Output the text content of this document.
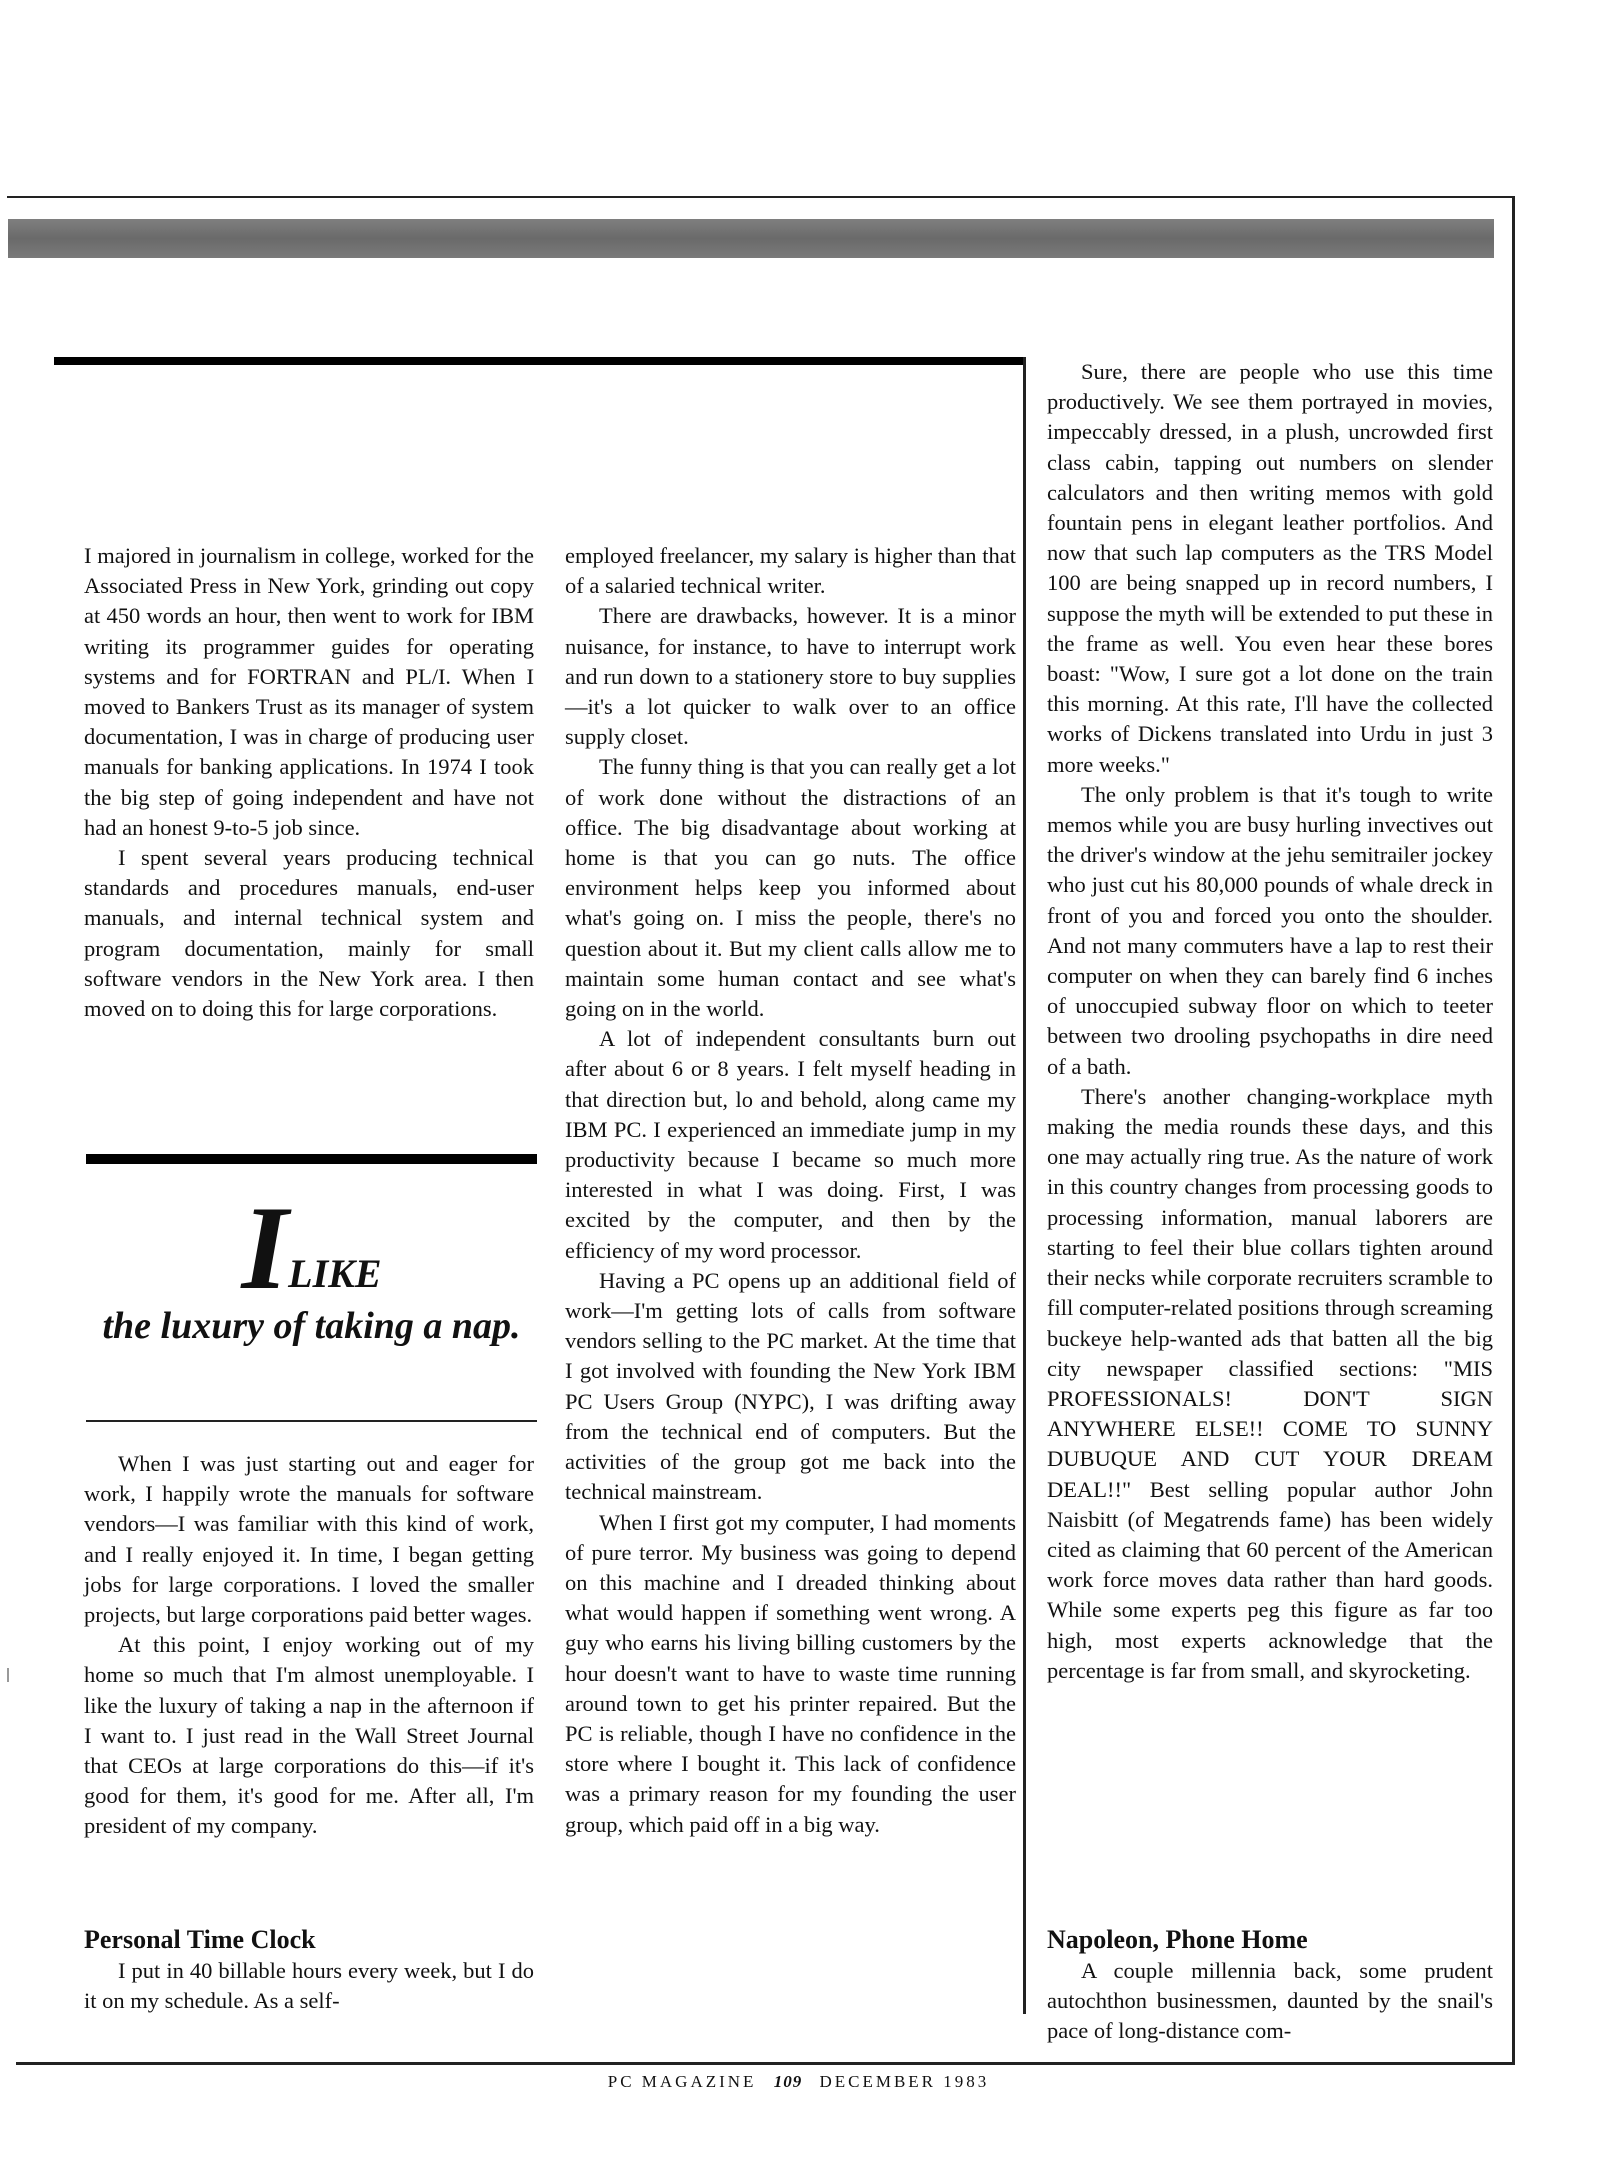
I majored in journalism in college, worked for the Associated Press in New York, grinding out copy at 450 words an hour, then went to work for IBM writing its programmer guides for operating systems and for FORTRAN and PL/I. When I moved to Bankers Trust as its manager of system documentation, I was in charge of producing user manuals for banking applications. In 1974 I took the big step of going independent and have not had an honest 9-to-5 job since.

I spent several years producing technical standards and procedures manuals, end-user manuals, and internal technical system and program documentation, mainly for small software vendors in the New York area. I then moved on to doing this for large corporations.

I LIKE
the luxury of taking a nap.

When I was just starting out and eager for work, I happily wrote the manuals for software vendors—I was familiar with this kind of work, and I really enjoyed it. In time, I began getting jobs for large corporations. I loved the smaller projects, but large corporations paid better wages.

At this point, I enjoy working out of my home so much that I'm almost unemployable. I like the luxury of taking a nap in the afternoon if I want to. I just read in the Wall Street Journal that CEOs at large corporations do this—if it's good for them, it's good for me. After all, I'm president of my company.

Personal Time Clock

I put in 40 billable hours every week, but I do it on my schedule. As a self-

employed freelancer, my salary is higher than that of a salaried technical writer.

There are drawbacks, however. It is a minor nuisance, for instance, to have to interrupt work and run down to a stationery store to buy supplies—it's a lot quicker to walk over to an office supply closet.

The funny thing is that you can really get a lot of work done without the distractions of an office. The big disadvantage about working at home is that you can go nuts. The office environment helps keep you informed about what's going on. I miss the people, there's no question about it. But my client calls allow me to maintain some human contact and see what's going on in the world.

A lot of independent consultants burn out after about 6 or 8 years. I felt myself heading in that direction but, lo and behold, along came my IBM PC. I experienced an immediate jump in my productivity because I became so much more interested in what I was doing. First, I was excited by the computer, and then by the efficiency of my word processor.

Having a PC opens up an additional field of work—I'm getting lots of calls from software vendors selling to the PC market. At the time that I got involved with founding the New York IBM PC Users Group (NYPC), I was drifting away from the technical end of computers. But the activities of the group got me back into the technical mainstream.

When I first got my computer, I had moments of pure terror. My business was going to depend on this machine and I dreaded thinking about what would happen if something went wrong. A guy who earns his living billing customers by the hour doesn't want to have to waste time running around town to get his printer repaired. But the PC is reliable, though I have no confidence in the store where I bought it. This lack of confidence was a primary reason for my founding the user group, which paid off in a big way.

Sure, there are people who use this time productively. We see them portrayed in movies, impeccably dressed, in a plush, uncrowded first class cabin, tapping out numbers on slender calculators and then writing memos with gold fountain pens in elegant leather portfolios. And now that such lap computers as the TRS Model 100 are being snapped up in record numbers, I suppose the myth will be extended to put these in the frame as well. You even hear these bores boast: "Wow, I sure got a lot done on the train this morning. At this rate, I'll have the collected works of Dickens translated into Urdu in just 3 more weeks."

The only problem is that it's tough to write memos while you are busy hurling invectives out the driver's window at the jehu semitrailer jockey who just cut his 80,000 pounds of whale dreck in front of you and forced you onto the shoulder. And not many commuters have a lap to rest their computer on when they can barely find 6 inches of unoccupied subway floor on which to teeter between two drooling psychopaths in dire need of a bath.

There's another changing-workplace myth making the media rounds these days, and this one may actually ring true. As the nature of work in this country changes from processing goods to processing information, manual laborers are starting to feel their blue collars tighten around their necks while corporate recruiters scramble to fill computer-related positions through screaming buckeye help-wanted ads that batten all the big city newspaper classified sections: "MIS PROFESSIONALS! DON'T SIGN ANYWHERE ELSE!! COME TO SUNNY DUBUQUE AND CUT YOUR DREAM DEAL!!" Best selling popular author John Naisbitt (of Megatrends fame) has been widely cited as claiming that 60 percent of the American work force moves data rather than hard goods. While some experts peg this figure as far too high, most experts acknowledge that the percentage is far from small, and skyrocketing.

Napoleon, Phone Home

A couple millennia back, some prudent autochthon businessmen, daunted by the snail's pace of long-distance com-

PC MAGAZINE 109 DECEMBER 1983
